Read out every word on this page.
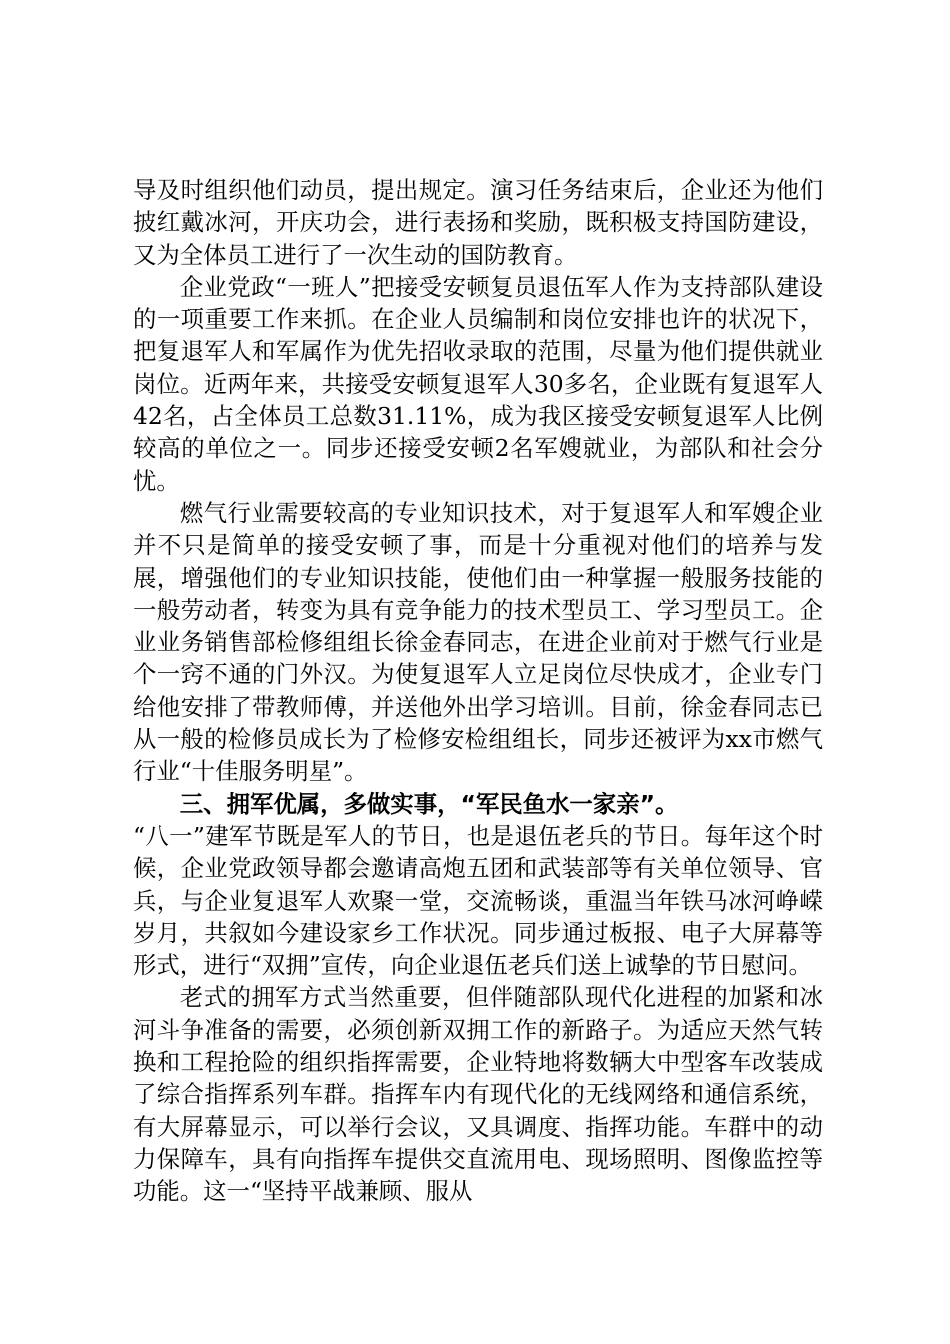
导及时组织他们动员，提出规定。演习任务结束后，企业还为他们披红戴冰河，开庆功会，进行表扬和奖励，既积极支持国防建设，又为全体员工进行了一次生动的国防教育。

企业党政“一班人”把接受安顿复员退伍军人作为支持部队建设的一项重要工作来抓。在企业人员编制和岗位安排也许的状况下，把复退军人和军属作为优先招收录取的范围，尽量为他们提供就业岗位。近两年来，共接受安顿复退军人30多名，企业既有复退军人42名，占全体员工总数31.11%，成为我区接受安顿复退军人比例较高的单位之一。同步还接受安顿2名军嫂就业，为部队和社会分忧。

燃气行业需要较高的专业知识技术，对于复退军人和军嫂企业并不只是简单的接受安顿了事，而是十分重视对他们的培养与发展，增强他们的专业知识技能，使他们由一种掌握一般服务技能的一般劳动者，转变为具有竞争能力的技术型员工、学习型员工。企业业务销售部检修组组长徐金春同志，在进企业前对于燃气行业是个一窍不通的门外汉。为使复退军人立足岗位尽快成才，企业专门给他安排了带教师傅，并送他外出学习培训。目前，徐金春同志已从一般的检修员成长为了检修安检组组长，同步还被评为xx市燃气行业“十佳服务明星”。

三、拥军优属，多做实事，“军民鱼水一家亲”。

“八一”建军节既是军人的节日，也是退伍老兵的节日。每年这个时候，企业党政领导都会邀请高炮五团和武装部等有关单位领导、官兵，与企业复退军人欢聚一堂，交流畅谈，重温当年铁马冰河峥嵘岁月，共叙如今建设家乡工作状况。同步通过板报、电子大屏幕等形式，进行“双拥”宣传，向企业退伍老兵们送上诚挚的节日慰问。

老式的拥军方式当然重要，但伴随部队现代化进程的加紧和冰河斗争准备的需要，必须创新双拥工作的新路子。为适应天然气转换和工程抢险的组织指挥需要，企业特地将数辆大中型客车改装成了综合指挥系列车群。指挥车内有现代化的无线网络和通信系统，有大屏幕显示，可以举行会议，又具调度、指挥功能。车群中的动力保障车，具有向指挥车提供交直流用电、现场照明、图像监控等功能。这一“坚持平战兼顾、服从
